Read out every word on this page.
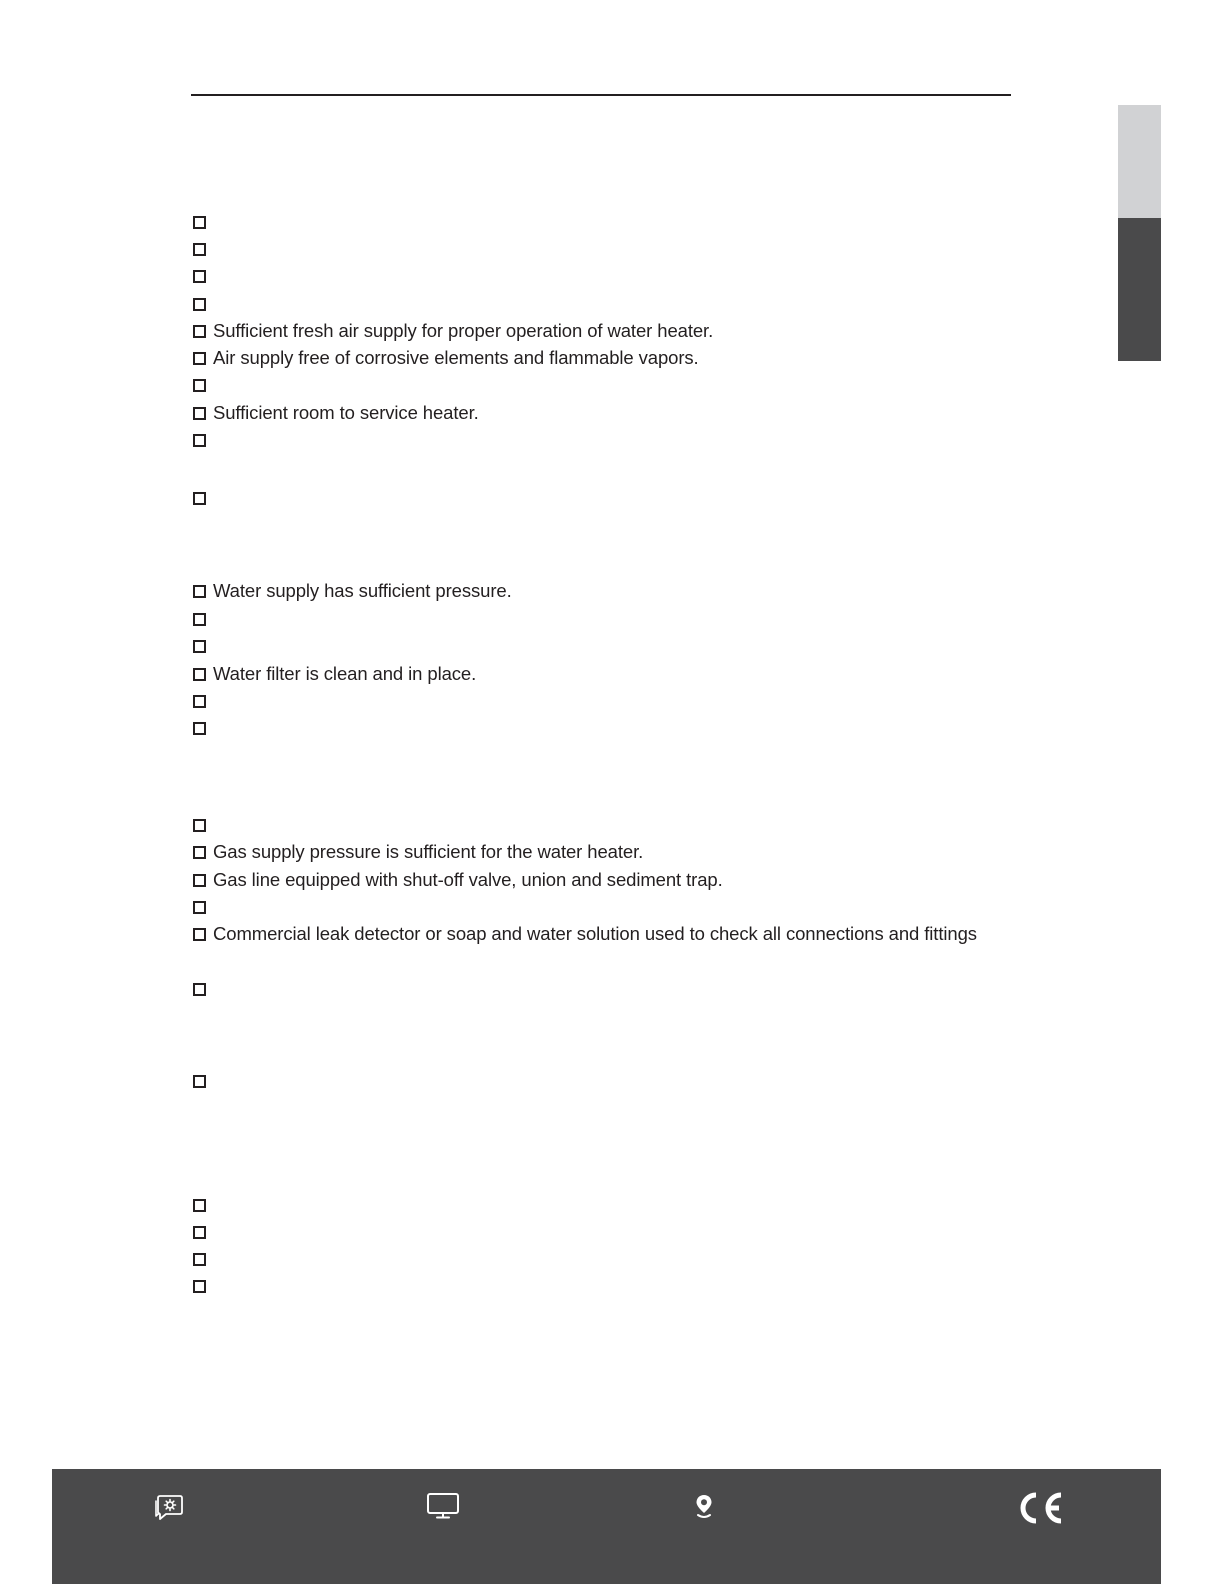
Sufficient fresh air supply for proper operation of water heater.
Air supply free of corrosive elements and flammable vapors.
Sufficient room to service heater.
Water supply has sufficient pressure.
Water filter is clean and in place.
Gas supply pressure is sufficient for the water heater.
Gas line equipped with shut-off valve, union and sediment trap.
Commercial leak detector or soap and water solution used to check all connections and fittings
